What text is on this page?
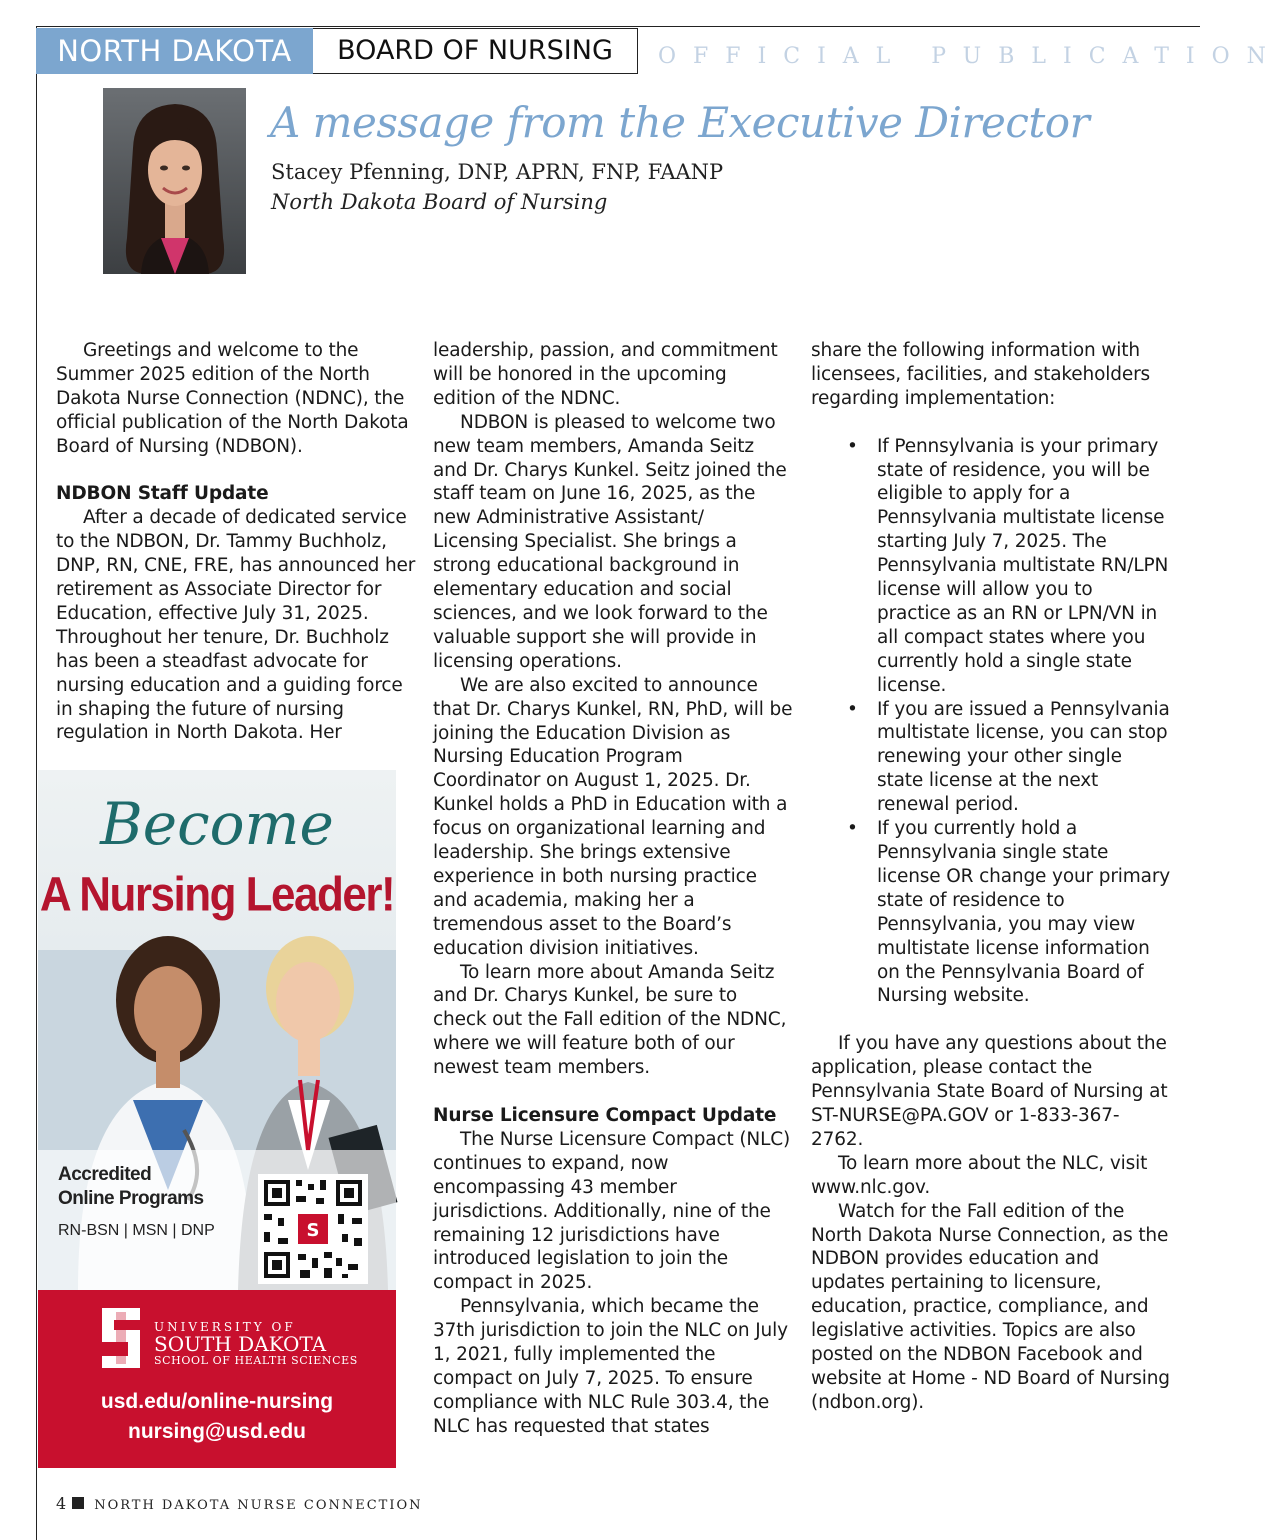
NORTH DAKOTA	BOARD OF NURSING	OFFICIAL PUBLICATION
A message from the Executive Director
Stacey Pfenning, DNP, APRN, FNP, FAANP
North Dakota Board of Nursing

Greetings and welcome to the Summer 2025 edition of the North Dakota Nurse Connection (NDNC), the official publication of the North Dakota Board of Nursing (NDBON).

NDBON Staff Update

After a decade of dedicated service to the NDBON, Dr. Tammy Buchholz, DNP, RN, CNE, FRE, has announced her retirement as Associate Director for Education, effective July 31, 2025. Throughout her tenure, Dr. Buchholz has been a steadfast advocate for nursing education and a guiding force in shaping the future of nursing regulation in North Dakota. Her

Become
A Nursing Leader!
Accredited
Online Programs
RN-BSN | MSN | DNP	S
UNIVERSITY OF
SOUTH DAKOTA
SCHOOL OF HEALTH SCIENCES
usd.edu/online-nursing
nursing@usd.edu

leadership, passion, and commitment will be honored in the upcoming edition of the NDNC.

NDBON is pleased to welcome two new team members, Amanda Seitz and Dr. Charys Kunkel. Seitz joined the staff team on June 16, 2025, as the new Administrative Assistant/ Licensing Specialist. She brings a strong educational background in elementary education and social sciences, and we look forward to the valuable support she will provide in licensing operations.

We are also excited to announce that Dr. Charys Kunkel, RN, PhD, will be joining the Education Division as Nursing Education Program Coordinator on August 1, 2025. Dr. Kunkel holds a PhD in Education with a focus on organizational learning and leadership. She brings extensive experience in both nursing practice and academia, making her a tremendous asset to the Board’s education division initiatives.

To learn more about Amanda Seitz and Dr. Charys Kunkel, be sure to check out the Fall edition of the NDNC, where we will feature both of our newest team members.

Nurse Licensure Compact Update

The Nurse Licensure Compact (NLC) continues to expand, now encompassing 43 member jurisdictions. Additionally, nine of the remaining 12 jurisdictions have introduced legislation to join the compact in 2025.

Pennsylvania, which became the 37th jurisdiction to join the NLC on July 1, 2021, fully implemented the compact on July 7, 2025. To ensure compliance with NLC Rule 303.4, the NLC has requested that states

share the following information with licensees, facilities, and stakeholders regarding implementation:

• If Pennsylvania is your primary state of residence, you will be eligible to apply for a Pennsylvania multistate license starting July 7, 2025. The Pennsylvania multistate RN/LPN license will allow you to practice as an RN or LPN/VN in all compact states where you currently hold a single state license.
• If you are issued a Pennsylvania multistate license, you can stop renewing your other single state license at the next renewal period.
• If you currently hold a Pennsylvania single state license OR change your primary state of residence to Pennsylvania, you may view multistate license information on the Pennsylvania Board of Nursing website.

If you have any questions about the application, please contact the Pennsylvania State Board of Nursing at ST-NURSE@PA.GOV or 1-833-367-2762.

To learn more about the NLC, visit www.nlc.gov.

Watch for the Fall edition of the North Dakota Nurse Connection, as the NDBON provides education and updates pertaining to licensure, education, practice, compliance, and legislative activities. Topics are also posted on the NDBON Facebook and website at Home - ND Board of Nursing (ndbon.org).

4 NORTH DAKOTA NURSE CONNECTION
